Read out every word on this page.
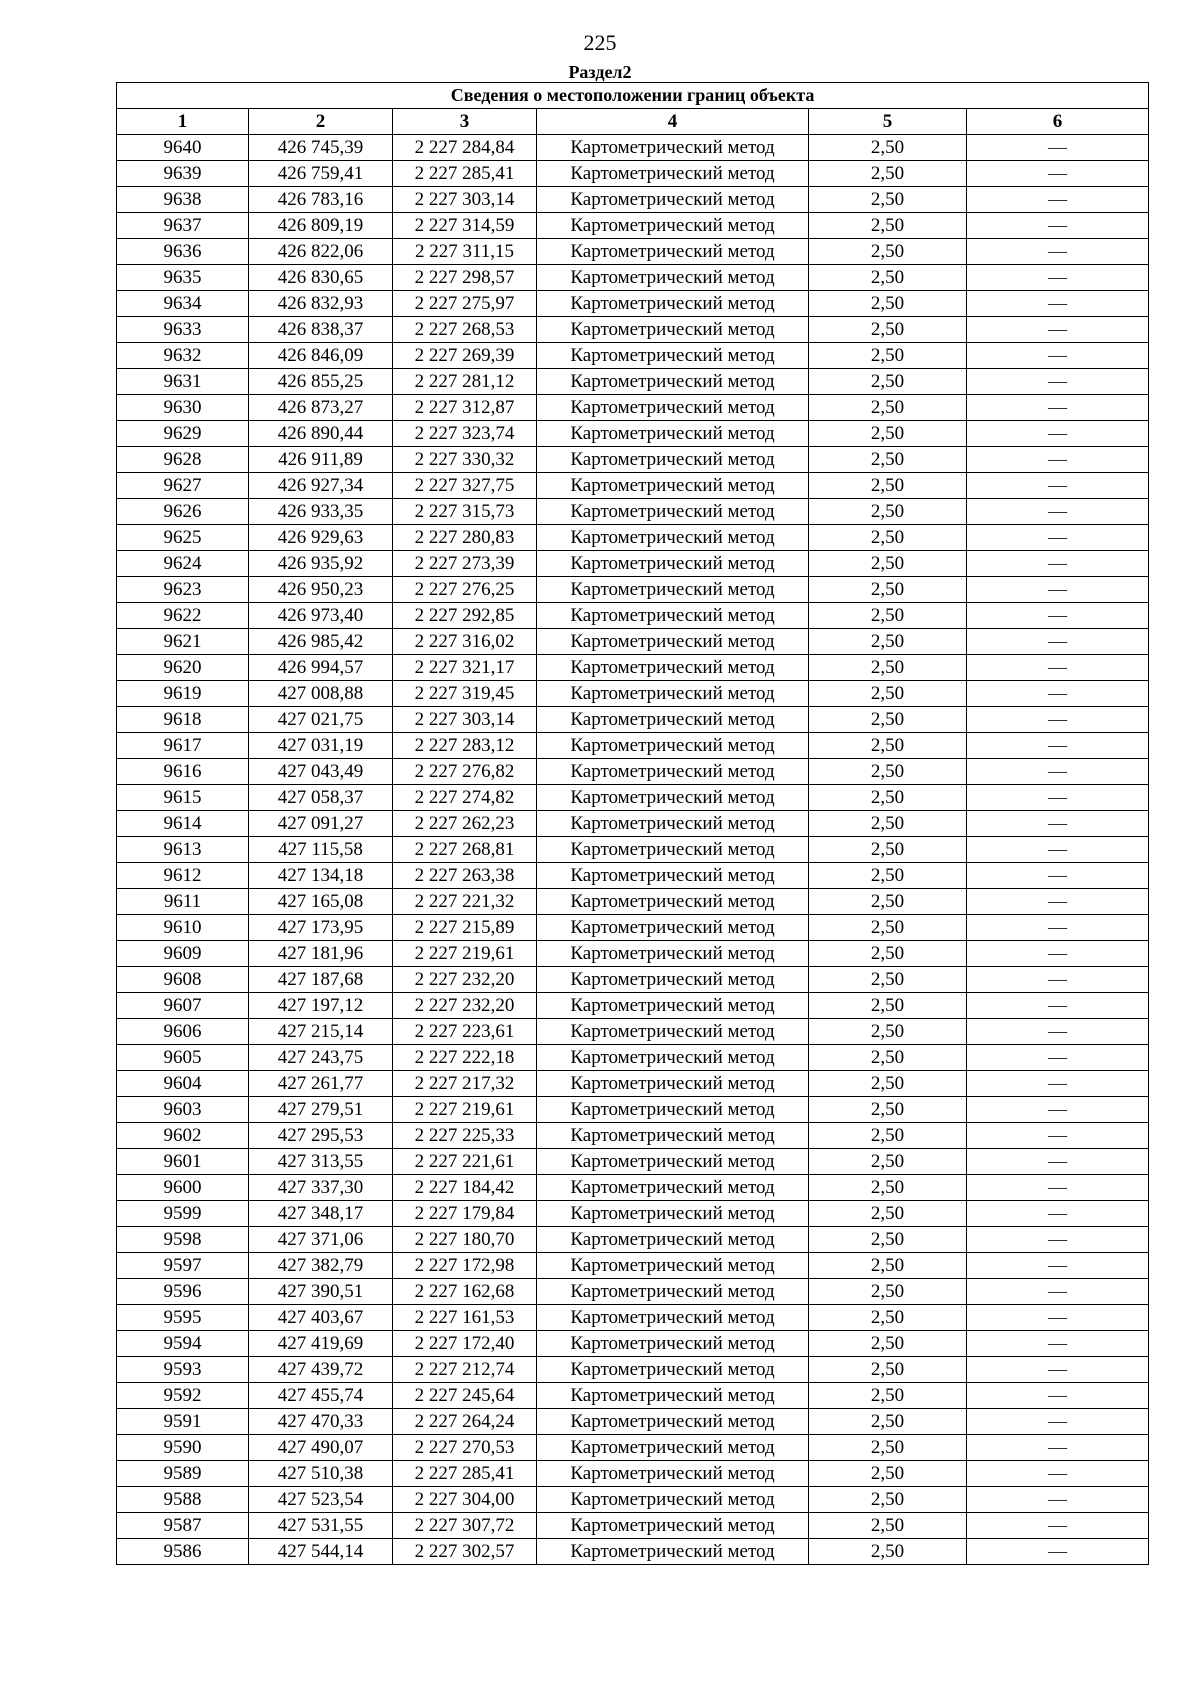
225
Раздел2
Сведения о местоположении границ объекта					
1	2	3	4	5	6
9640	426 745,39	2 227 284,84	Картометрический метод	2,50	—
9639	426 759,41	2 227 285,41	Картометрический метод	2,50	—
9638	426 783,16	2 227 303,14	Картометрический метод	2,50	—
9637	426 809,19	2 227 314,59	Картометрический метод	2,50	—
9636	426 822,06	2 227 311,15	Картометрический метод	2,50	—
9635	426 830,65	2 227 298,57	Картометрический метод	2,50	—
9634	426 832,93	2 227 275,97	Картометрический метод	2,50	—
9633	426 838,37	2 227 268,53	Картометрический метод	2,50	—
9632	426 846,09	2 227 269,39	Картометрический метод	2,50	—
9631	426 855,25	2 227 281,12	Картометрический метод	2,50	—
9630	426 873,27	2 227 312,87	Картометрический метод	2,50	—
9629	426 890,44	2 227 323,74	Картометрический метод	2,50	—
9628	426 911,89	2 227 330,32	Картометрический метод	2,50	—
9627	426 927,34	2 227 327,75	Картометрический метод	2,50	—
9626	426 933,35	2 227 315,73	Картометрический метод	2,50	—
9625	426 929,63	2 227 280,83	Картометрический метод	2,50	—
9624	426 935,92	2 227 273,39	Картометрический метод	2,50	—
9623	426 950,23	2 227 276,25	Картометрический метод	2,50	—
9622	426 973,40	2 227 292,85	Картометрический метод	2,50	—
9621	426 985,42	2 227 316,02	Картометрический метод	2,50	—
9620	426 994,57	2 227 321,17	Картометрический метод	2,50	—
9619	427 008,88	2 227 319,45	Картометрический метод	2,50	—
9618	427 021,75	2 227 303,14	Картометрический метод	2,50	—
9617	427 031,19	2 227 283,12	Картометрический метод	2,50	—
9616	427 043,49	2 227 276,82	Картометрический метод	2,50	—
9615	427 058,37	2 227 274,82	Картометрический метод	2,50	—
9614	427 091,27	2 227 262,23	Картометрический метод	2,50	—
9613	427 115,58	2 227 268,81	Картометрический метод	2,50	—
9612	427 134,18	2 227 263,38	Картометрический метод	2,50	—
9611	427 165,08	2 227 221,32	Картометрический метод	2,50	—
9610	427 173,95	2 227 215,89	Картометрический метод	2,50	—
9609	427 181,96	2 227 219,61	Картометрический метод	2,50	—
9608	427 187,68	2 227 232,20	Картометрический метод	2,50	—
9607	427 197,12	2 227 232,20	Картометрический метод	2,50	—
9606	427 215,14	2 227 223,61	Картометрический метод	2,50	—
9605	427 243,75	2 227 222,18	Картометрический метод	2,50	—
9604	427 261,77	2 227 217,32	Картометрический метод	2,50	—
9603	427 279,51	2 227 219,61	Картометрический метод	2,50	—
9602	427 295,53	2 227 225,33	Картометрический метод	2,50	—
9601	427 313,55	2 227 221,61	Картометрический метод	2,50	—
9600	427 337,30	2 227 184,42	Картометрический метод	2,50	—
9599	427 348,17	2 227 179,84	Картометрический метод	2,50	—
9598	427 371,06	2 227 180,70	Картометрический метод	2,50	—
9597	427 382,79	2 227 172,98	Картометрический метод	2,50	—
9596	427 390,51	2 227 162,68	Картометрический метод	2,50	—
9595	427 403,67	2 227 161,53	Картометрический метод	2,50	—
9594	427 419,69	2 227 172,40	Картометрический метод	2,50	—
9593	427 439,72	2 227 212,74	Картометрический метод	2,50	—
9592	427 455,74	2 227 245,64	Картометрический метод	2,50	—
9591	427 470,33	2 227 264,24	Картометрический метод	2,50	—
9590	427 490,07	2 227 270,53	Картометрический метод	2,50	—
9589	427 510,38	2 227 285,41	Картометрический метод	2,50	—
9588	427 523,54	2 227 304,00	Картометрический метод	2,50	—
9587	427 531,55	2 227 307,72	Картометрический метод	2,50	—
9586	427 544,14	2 227 302,57	Картометрический метод	2,50	—
